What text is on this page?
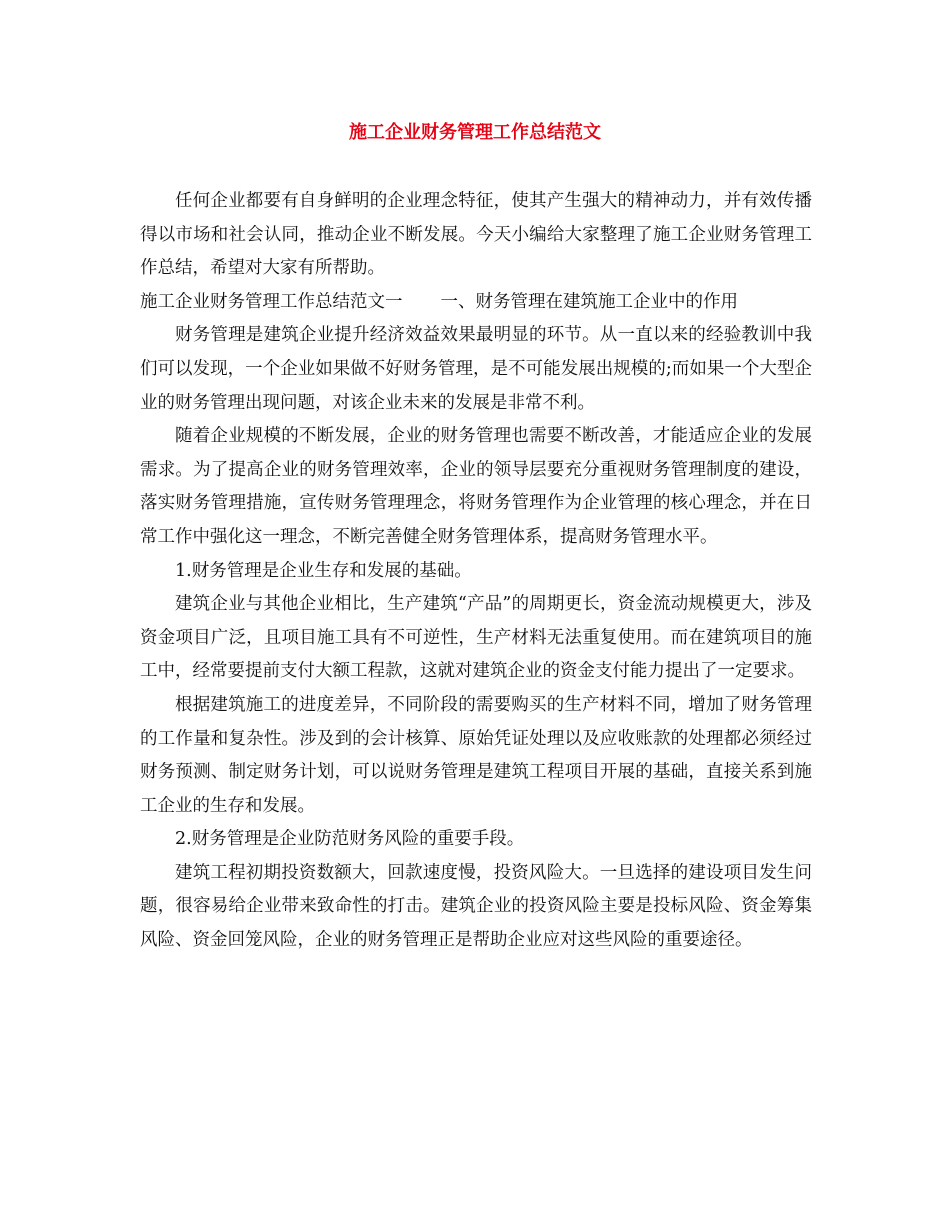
施工企业财务管理工作总结范文

任何企业都要有自身鲜明的企业理念特征，使其产生强大的精神动力，并有效传播得以市场和社会认同，推动企业不断发展。今天小编给大家整理了施工企业财务管理工作总结，希望对大家有所帮助。

施工企业财务管理工作总结范文一 一、财务管理在建筑施工企业中的作用

财务管理是建筑企业提升经济效益效果最明显的环节。从一直以来的经验教训中我们可以发现，一个企业如果做不好财务管理，是不可能发展出规模的;而如果一个大型企业的财务管理出现问题，对该企业未来的发展是非常不利。

随着企业规模的不断发展，企业的财务管理也需要不断改善，才能适应企业的发展需求。为了提高企业的财务管理效率，企业的领导层要充分重视财务管理制度的建设，落实财务管理措施，宣传财务管理理念，将财务管理作为企业管理的核心理念，并在日常工作中强化这一理念，不断完善健全财务管理体系，提高财务管理水平。

1.财务管理是企业生存和发展的基础。

建筑企业与其他企业相比，生产建筑“产品”的周期更长，资金流动规模更大，涉及资金项目广泛，且项目施工具有不可逆性，生产材料无法重复使用。而在建筑项目的施工中，经常要提前支付大额工程款，这就对建筑企业的资金支付能力提出了一定要求。

根据建筑施工的进度差异，不同阶段的需要购买的生产材料不同，增加了财务管理的工作量和复杂性。涉及到的会计核算、原始凭证处理以及应收账款的处理都必须经过财务预测、制定财务计划，可以说财务管理是建筑工程项目开展的基础，直接关系到施工企业的生存和发展。

2.财务管理是企业防范财务风险的重要手段。

建筑工程初期投资数额大，回款速度慢，投资风险大。一旦选择的建设项目发生问题，很容易给企业带来致命性的打击。建筑企业的投资风险主要是投标风险、资金筹集风险、资金回笼风险，企业的财务管理正是帮助企业应对这些风险的重要途径。
